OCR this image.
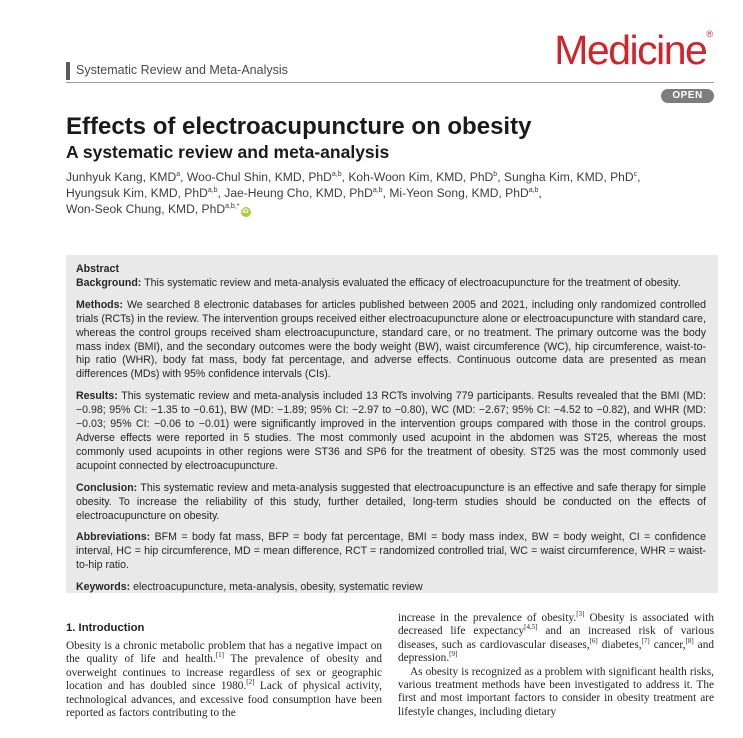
Systematic Review and Meta-Analysis	Medicine®
OPEN
Effects of electroacupuncture on obesity
A systematic review and meta-analysis
Junhyuk Kang, KMD$^a$, Woo-Chul Shin, KMD, PhD$^{a,b}$, Koh-Woon Kim, KMD, PhD$^b$, Sungha Kim, KMD, PhD$^c$,
Hyungsuk Kim, KMD, PhD$^{a,b}$, Jae-Heung Cho, KMD, PhD$^{a,b}$, Mi-Yeon Song, KMD, PhD$^{a,b}$,
Won-Seok Chung, KMD, PhD$^{a,b,*}$iD
Abstract

Background: This systematic review and meta-analysis evaluated the efficacy of electroacupuncture for the treatment of obesity.

Methods: We searched 8 electronic databases for articles published between 2005 and 2021, including only randomized controlled trials (RCTs) in the review. The intervention groups received either electroacupuncture alone or electroacupuncture with standard care, whereas the control groups received sham electroacupuncture, standard care, or no treatment. The primary outcome was the body mass index (BMI), and the secondary outcomes were the body weight (BW), waist circumference (WC), hip circumference, waist-to-hip ratio (WHR), body fat mass, body fat percentage, and adverse effects. Continuous outcome data are presented as mean differences (MDs) with 95% confidence intervals (CIs).

Results: This systematic review and meta-analysis included 13 RCTs involving 779 participants. Results revealed that the BMI (MD: −0.98; 95% CI: −1.35 to −0.61), BW (MD: −1.89; 95% CI: −2.97 to −0.80), WC (MD: −2.67; 95% CI: −4.52 to −0.82), and WHR (MD: −0.03; 95% CI: −0.06 to −0.01) were significantly improved in the intervention groups compared with those in the control groups. Adverse effects were reported in 5 studies. The most commonly used acupoint in the abdomen was ST25, whereas the most commonly used acupoints in other regions were ST36 and SP6 for the treatment of obesity. ST25 was the most commonly used acupoint connected by electroacupuncture.

Conclusion: This systematic review and meta-analysis suggested that electroacupuncture is an effective and safe therapy for simple obesity. To increase the reliability of this study, further detailed, long-term studies should be conducted on the effects of electroacupuncture on obesity.

Abbreviations: BFM = body fat mass, BFP = body fat percentage, BMI = body mass index, BW = body weight, CI = confidence interval, HC = hip circumference, MD = mean difference, RCT = randomized controlled trial, WC = waist circumference, WHR = waist-to-hip ratio.

Keywords: electroacupuncture, meta-analysis, obesity, systematic review

1. Introduction

Obesity is a chronic metabolic problem that has a negative impact on the quality of life and health.[1] The prevalence of obesity and overweight continues to increase regardless of sex or geographic location and has doubled since 1980.[2] Lack of physical activity, technological advances, and excessive food consumption have been reported as factors contributing to the

increase in the prevalence of obesity.[3] Obesity is associated with decreased life expectancy[4,5] and an increased risk of various diseases, such as cardiovascular diseases,[6] diabetes,[7] cancer,[8] and depression.[9]

As obesity is recognized as a problem with significant health risks, various treatment methods have been investigated to address it. The first and most important factors to consider in obesity treatment are lifestyle changes, including dietary
